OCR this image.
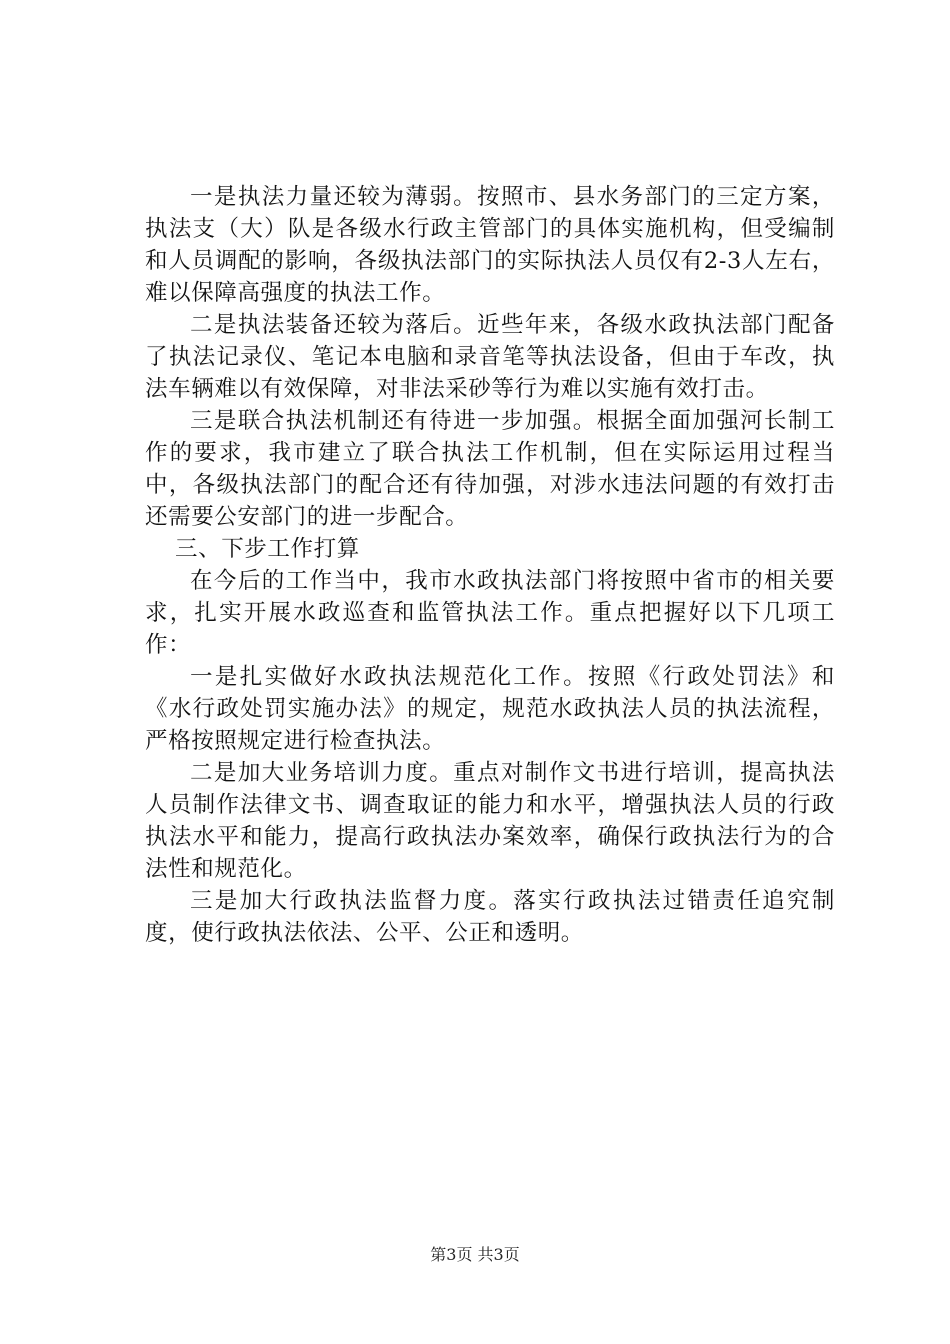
一是执法力量还较为薄弱。按照市、县水务部门的三定方案，执法支（大）队是各级水行政主管部门的具体实施机构，但受编制和人员调配的影响，各级执法部门的实际执法人员仅有2-3人左右，难以保障高强度的执法工作。

二是执法装备还较为落后。近些年来，各级水政执法部门配备了执法记录仪、笔记本电脑和录音笔等执法设备，但由于车改，执法车辆难以有效保障，对非法采砂等行为难以实施有效打击。

三是联合执法机制还有待进一步加强。根据全面加强河长制工作的要求，我市建立了联合执法工作机制，但在实际运用过程当中，各级执法部门的配合还有待加强，对涉水违法问题的有效打击还需要公安部门的进一步配合。

三、下步工作打算

在今后的工作当中，我市水政执法部门将按照中省市的相关要求，扎实开展水政巡查和监管执法工作。重点把握好以下几项工作：

一是扎实做好水政执法规范化工作。按照《行政处罚法》和《水行政处罚实施办法》的规定，规范水政执法人员的执法流程，严格按照规定进行检查执法。

二是加大业务培训力度。重点对制作文书进行培训，提高执法人员制作法律文书、调查取证的能力和水平，增强执法人员的行政执法水平和能力，提高行政执法办案效率，确保行政执法行为的合法性和规范化。

三是加大行政执法监督力度。落实行政执法过错责任追究制度，使行政执法依法、公平、公正和透明。

第3页 共3页
